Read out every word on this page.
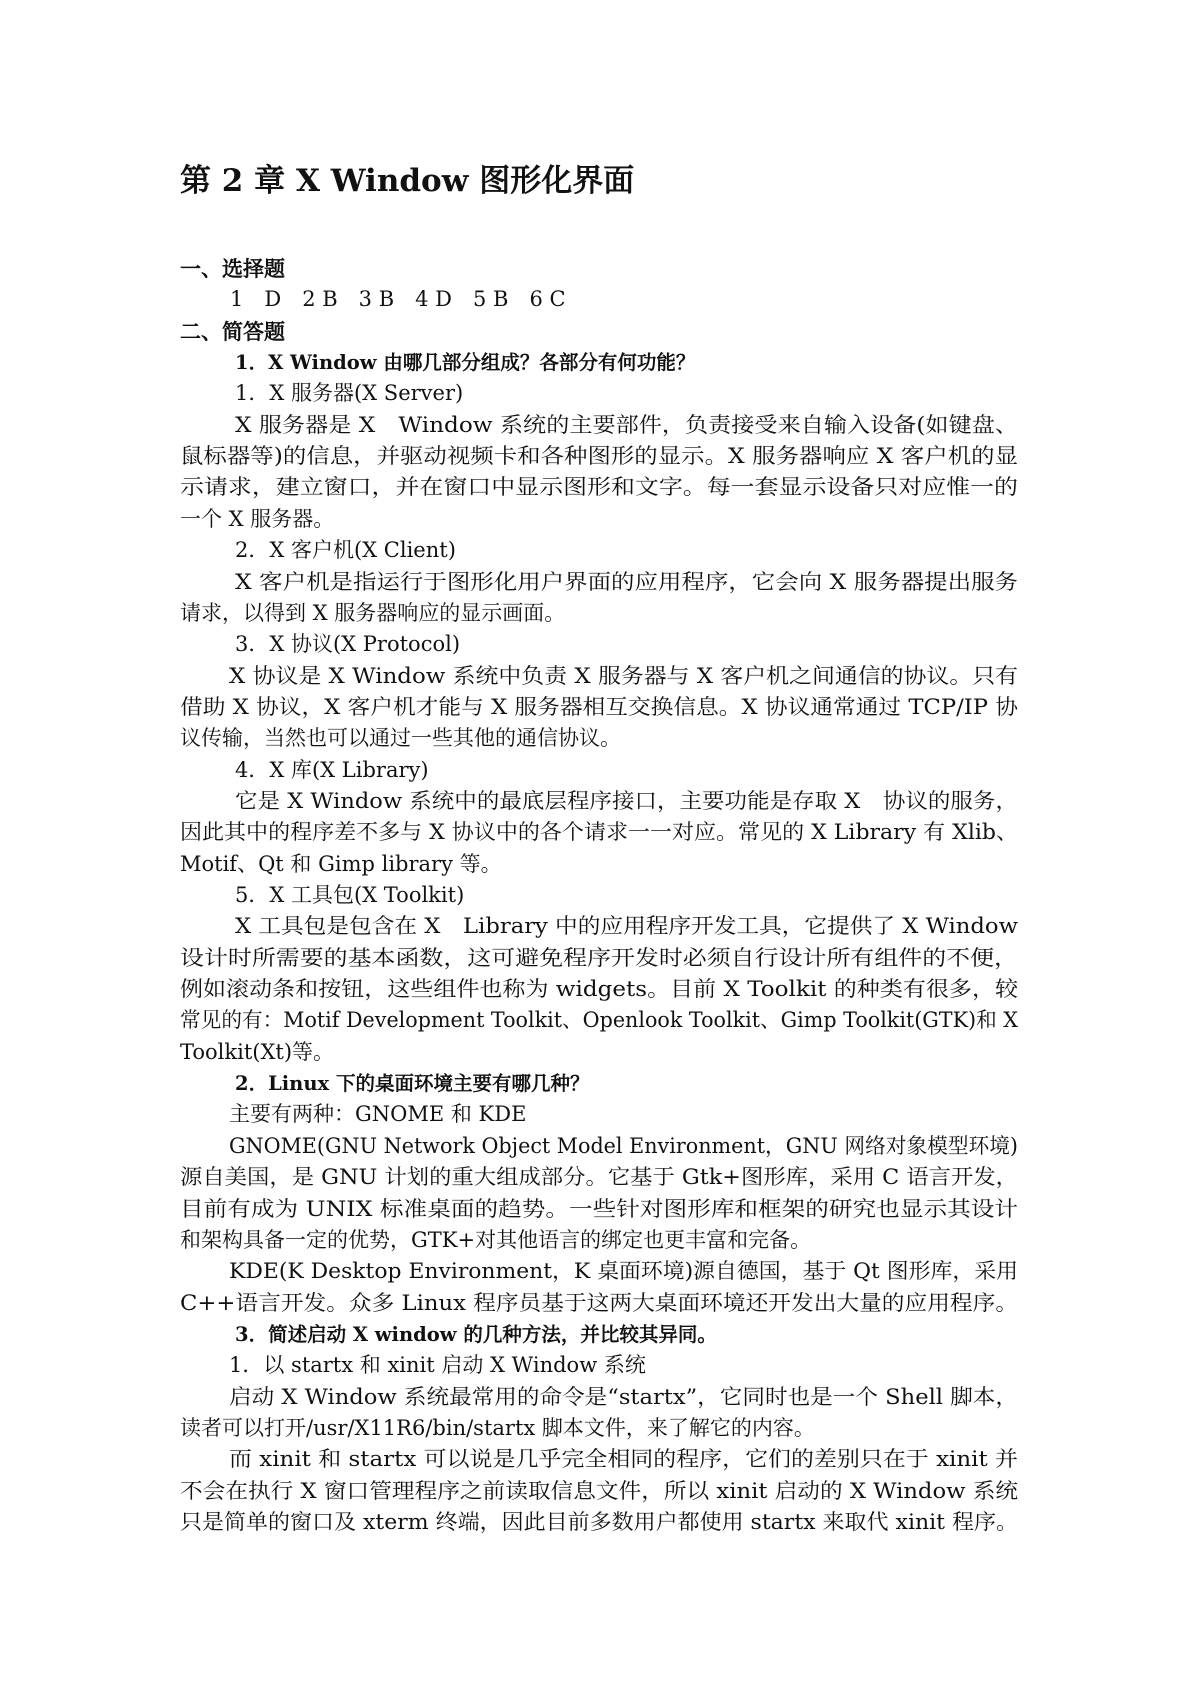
第 2 章 X Window 图形化界面
一、选择题
1　D　2 B　3 B　4 D　5 B　6 C
二、简答题
1．X Window 由哪几部分组成？各部分有何功能？
1．X 服务器(X Server)
X 服务器是 X　Window 系统的主要部件，负责接受来自输入设备(如键盘、
鼠标器等)的信息，并驱动视频卡和各种图形的显示。X 服务器响应 X 客户机的显
示请求，建立窗口，并在窗口中显示图形和文字。每一套显示设备只对应惟一的
一个 X 服务器。
2．X 客户机(X Client)
X 客户机是指运行于图形化用户界面的应用程序，它会向 X 服务器提出服务
请求，以得到 X 服务器响应的显示画面。
3．X 协议(X Protocol)
X 协议是 X Window 系统中负责 X 服务器与 X 客户机之间通信的协议。只有
借助 X 协议，X 客户机才能与 X 服务器相互交换信息。X 协议通常通过 TCP/IP 协
议传输，当然也可以通过一些其他的通信协议。
4．X 库(X Library)
它是 X Window 系统中的最底层程序接口，主要功能是存取 X　协议的服务，
因此其中的程序差不多与 X 协议中的各个请求一一对应。常见的 X Library 有 Xlib、
Motif、Qt 和 Gimp library 等。
5．X 工具包(X Toolkit)
X 工具包是包含在 X　Library 中的应用程序开发工具，它提供了 X Window
设计时所需要的基本函数，这可避免程序开发时必须自行设计所有组件的不便，
例如滚动条和按钮，这些组件也称为 widgets。目前 X Toolkit 的种类有很多，较
常见的有：Motif Development Toolkit、Openlook Toolkit、Gimp Toolkit(GTK)和 X
Toolkit(Xt)等。
2．Linux 下的桌面环境主要有哪几种？
主要有两种：GNOME 和 KDE
GNOME(GNU Network Object Model Environment，GNU 网络对象模型环境)
源自美国，是 GNU 计划的重大组成部分。它基于 Gtk+图形库，采用 C 语言开发，
目前有成为 UNIX 标准桌面的趋势。一些针对图形库和框架的研究也显示其设计
和架构具备一定的优势，GTK+对其他语言的绑定也更丰富和完备。
KDE(K Desktop Environment，K 桌面环境)源自德国，基于 Qt 图形库，采用
C++语言开发。众多 Linux 程序员基于这两大桌面环境还开发出大量的应用程序。
3．简述启动 X window 的几种方法，并比较其异同。
1．以 startx 和 xinit 启动 X Window 系统
启动 X Window 系统最常用的命令是“startx”，它同时也是一个 Shell 脚本，
读者可以打开/usr/X11R6/bin/startx 脚本文件，来了解它的内容。
而 xinit 和 startx 可以说是几乎完全相同的程序，它们的差别只在于 xinit 并
不会在执行 X 窗口管理程序之前读取信息文件，所以 xinit 启动的 X Window 系统
只是简单的窗口及 xterm 终端，因此目前多数用户都使用 startx 来取代 xinit 程序。
